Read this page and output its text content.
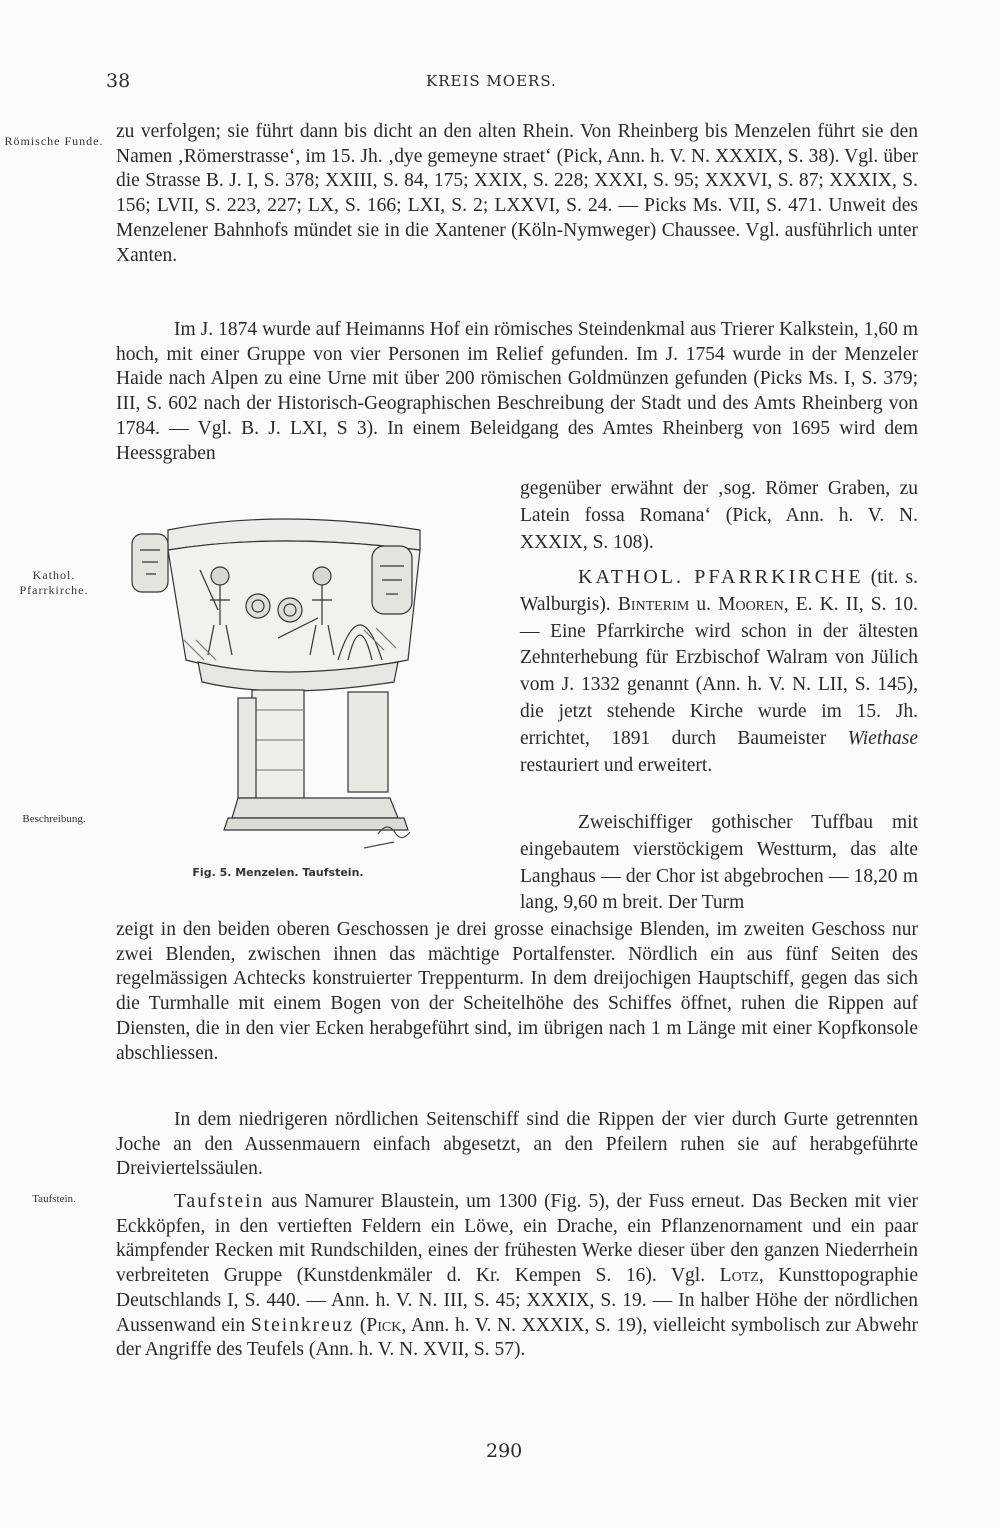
38	KREIS MOERS.
Römische Funde.
Kathol. Pfarrkirche.
Beschreibung.
Taufstein.

zu verfolgen; sie führt dann bis dicht an den alten Rhein. Von Rheinberg bis Menzelen führt sie den Namen ‚Römerstrasse‘, im 15. Jh. ‚dye gemeyne straet‘ (Pick, Ann. h. V. N. XXXIX, S. 38). Vgl. über die Strasse B. J. I, S. 378; XXIII, S. 84, 175; XXIX, S. 228; XXXI, S. 95; XXXVI, S. 87; XXXIX, S. 156; LVII, S. 223, 227; LX, S. 166; LXI, S. 2; LXXVI, S. 24. — Picks Ms. VII, S. 471. Unweit des Menzelener Bahnhofs mündet sie in die Xantener (Köln-Nymweger) Chaussee. Vgl. ausführlich unter Xanten.

Im J. 1874 wurde auf Heimanns Hof ein römisches Steindenkmal aus Trierer Kalkstein, 1,60 m hoch, mit einer Gruppe von vier Personen im Relief gefunden. Im J. 1754 wurde in der Menzeler Haide nach Alpen zu eine Urne mit über 200 römischen Goldmünzen gefunden (Picks Ms. I, S. 379; III, S. 602 nach der Historisch-Geographischen Beschreibung der Stadt und des Amts Rheinberg von 1784. — Vgl. B. J. LXI, S 3). In einem Beleidgang des Amtes Rheinberg von 1695 wird dem Heessgraben

gegenüber erwähnt der ‚sog. Römer Graben, zu Latein fossa Romana‘ (Pick, Ann. h. V. N. XXXIX, S. 108).

KATHOL. PFARRKIRCHE (tit. s. Walburgis). Binterim u. Mooren, E. K. II, S. 10. — Eine Pfarrkirche wird schon in der ältesten Zehnterhebung für Erzbischof Walram von Jülich vom J. 1332 genannt (Ann. h. V. N. LII, S. 145), die jetzt stehende Kirche wurde im 15. Jh. errichtet, 1891 durch Baumeister Wiethase restauriert und erweitert.

Zweischiffiger gothischer Tuffbau mit eingebautem vierstöckigem Westturm, das alte Langhaus — der Chor ist abgebrochen — 18,20 m lang, 9,60 m breit. Der Turm

zeigt in den beiden oberen Geschossen je drei grosse einachsige Blenden, im zweiten Geschoss nur zwei Blenden, zwischen ihnen das mächtige Portalfenster. Nördlich ein aus fünf Seiten des regelmässigen Achtecks konstruierter Treppenturm. In dem dreijochigen Hauptschiff, gegen das sich die Turmhalle mit einem Bogen von der Scheitelhöhe des Schiffes öffnet, ruhen die Rippen auf Diensten, die in den vier Ecken herabgeführt sind, im übrigen nach 1 m Länge mit einer Kopfkonsole abschliessen.

In dem niedrigeren nördlichen Seitenschiff sind die Rippen der vier durch Gurte getrennten Joche an den Aussenmauern einfach abgesetzt, an den Pfeilern ruhen sie auf herabgeführte Dreiviertelssäulen.

Taufstein aus Namurer Blaustein, um 1300 (Fig. 5), der Fuss erneut. Das Becken mit vier Eckköpfen, in den vertieften Feldern ein Löwe, ein Drache, ein Pflanzenornament und ein paar kämpfender Recken mit Rundschilden, eines der frühesten Werke dieser über den ganzen Niederrhein verbreiteten Gruppe (Kunstdenkmäler d. Kr. Kempen S. 16). Vgl. Lotz, Kunsttopographie Deutschlands I, S. 440. — Ann. h. V. N. III, S. 45; XXXIX, S. 19. — In halber Höhe der nördlichen Aussenwand ein Steinkreuz (Pick, Ann. h. V. N. XXXIX, S. 19), vielleicht symbolisch zur Abwehr der Angriffe des Teufels (Ann. h. V. N. XVII, S. 57).

Fig. 5. Menzelen. Taufstein.
290
